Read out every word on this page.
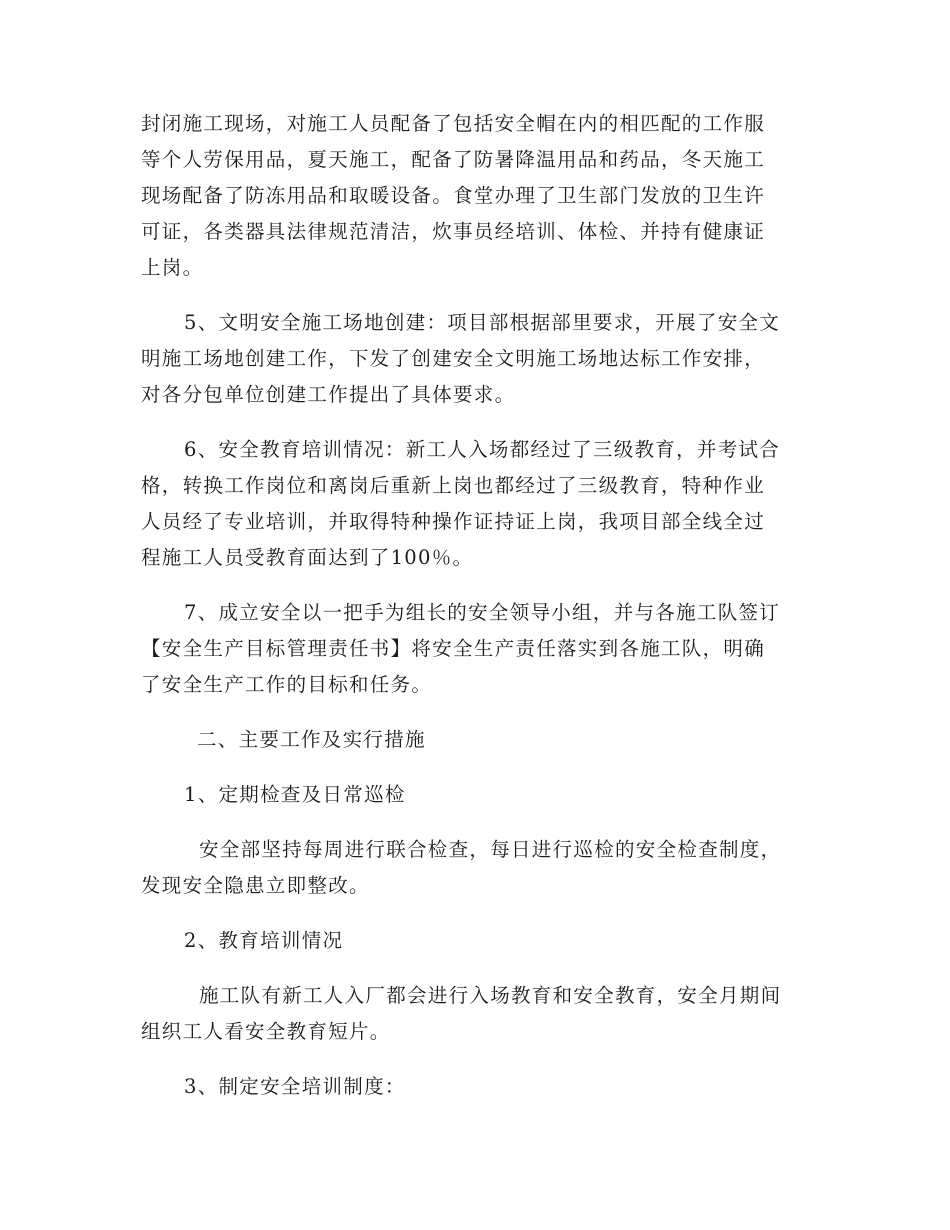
封闭施工现场，对施工人员配备了包括安全帽在内的相匹配的工作服
等个人劳保用品，夏天施工，配备了防暑降温用品和药品，冬天施工
现场配备了防冻用品和取暖设备。食堂办理了卫生部门发放的卫生许
可证，各类器具法律规范清洁，炊事员经培训、体检、并持有健康证
上岗。

5、文明安全施工场地创建：项目部根据部里要求，开展了安全文
明施工场地创建工作，下发了创建安全文明施工场地达标工作安排，
对各分包单位创建工作提出了具体要求。

6、安全教育培训情况：新工人入场都经过了三级教育，并考试合
格，转换工作岗位和离岗后重新上岗也都经过了三级教育，特种作业
人员经了专业培训，并取得特种操作证持证上岗，我项目部全线全过
程施工人员受教育面达到了100％。

7、成立安全以一把手为组长的安全领导小组，并与各施工队签订
【安全生产目标管理责任书】将安全生产责任落实到各施工队，明确
了安全生产工作的目标和任务。

二、主要工作及实行措施

1、定期检查及日常巡检

安全部坚持每周进行联合检查，每日进行巡检的安全检查制度，
发现安全隐患立即整改。

2、教育培训情况

施工队有新工人入厂都会进行入场教育和安全教育，安全月期间
组织工人看安全教育短片。

3、制定安全培训制度：
